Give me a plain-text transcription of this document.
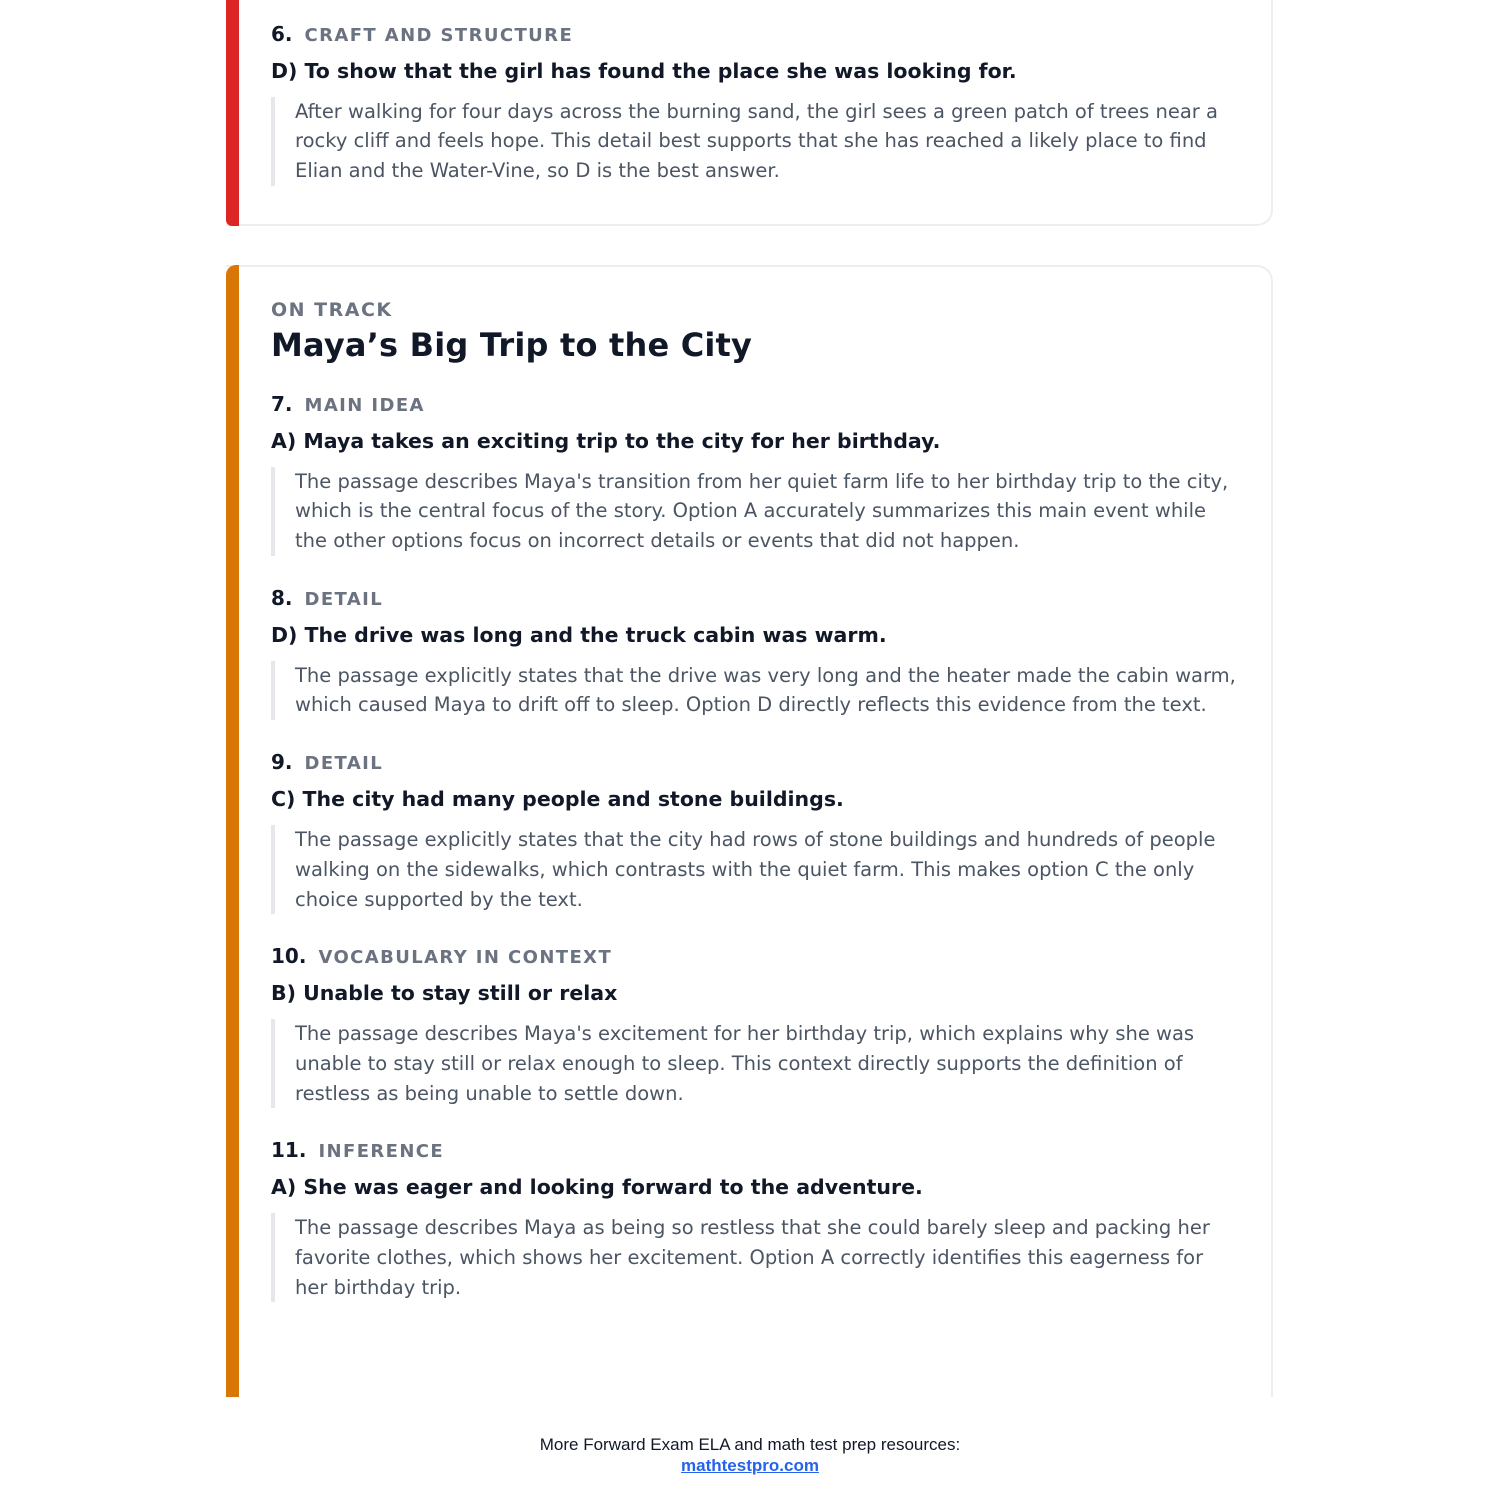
6. CRAFT AND STRUCTURE

D) To show that the girl has found the place she was looking for.

After walking for four days across the burning sand, the girl sees a green patch of trees near a rocky cliff and feels hope. This detail best supports that she has reached a likely place to find Elian and the Water-Vine, so D is the best answer.

ON TRACK
Maya’s Big Trip to the City
7. MAIN IDEA

A) Maya takes an exciting trip to the city for her birthday.

The passage describes Maya's transition from her quiet farm life to her birthday trip to the city, which is the central focus of the story. Option A accurately summarizes this main event while the other options focus on incorrect details or events that did not happen.

8. DETAIL

D) The drive was long and the truck cabin was warm.

The passage explicitly states that the drive was very long and the heater made the cabin warm, which caused Maya to drift off to sleep. Option D directly reflects this evidence from the text.

9. DETAIL

C) The city had many people and stone buildings.

The passage explicitly states that the city had rows of stone buildings and hundreds of people walking on the sidewalks, which contrasts with the quiet farm. This makes option C the only choice supported by the text.

10. VOCABULARY IN CONTEXT

B) Unable to stay still or relax

The passage describes Maya's excitement for her birthday trip, which explains why she was unable to stay still or relax enough to sleep. This context directly supports the definition of restless as being unable to settle down.

11. INFERENCE

A) She was eager and looking forward to the adventure.

The passage describes Maya as being so restless that she could barely sleep and packing her favorite clothes, which shows her excitement. Option A correctly identifies this eagerness for her birthday trip.

More Forward Exam ELA and math test prep resources:
mathtestpro.com
